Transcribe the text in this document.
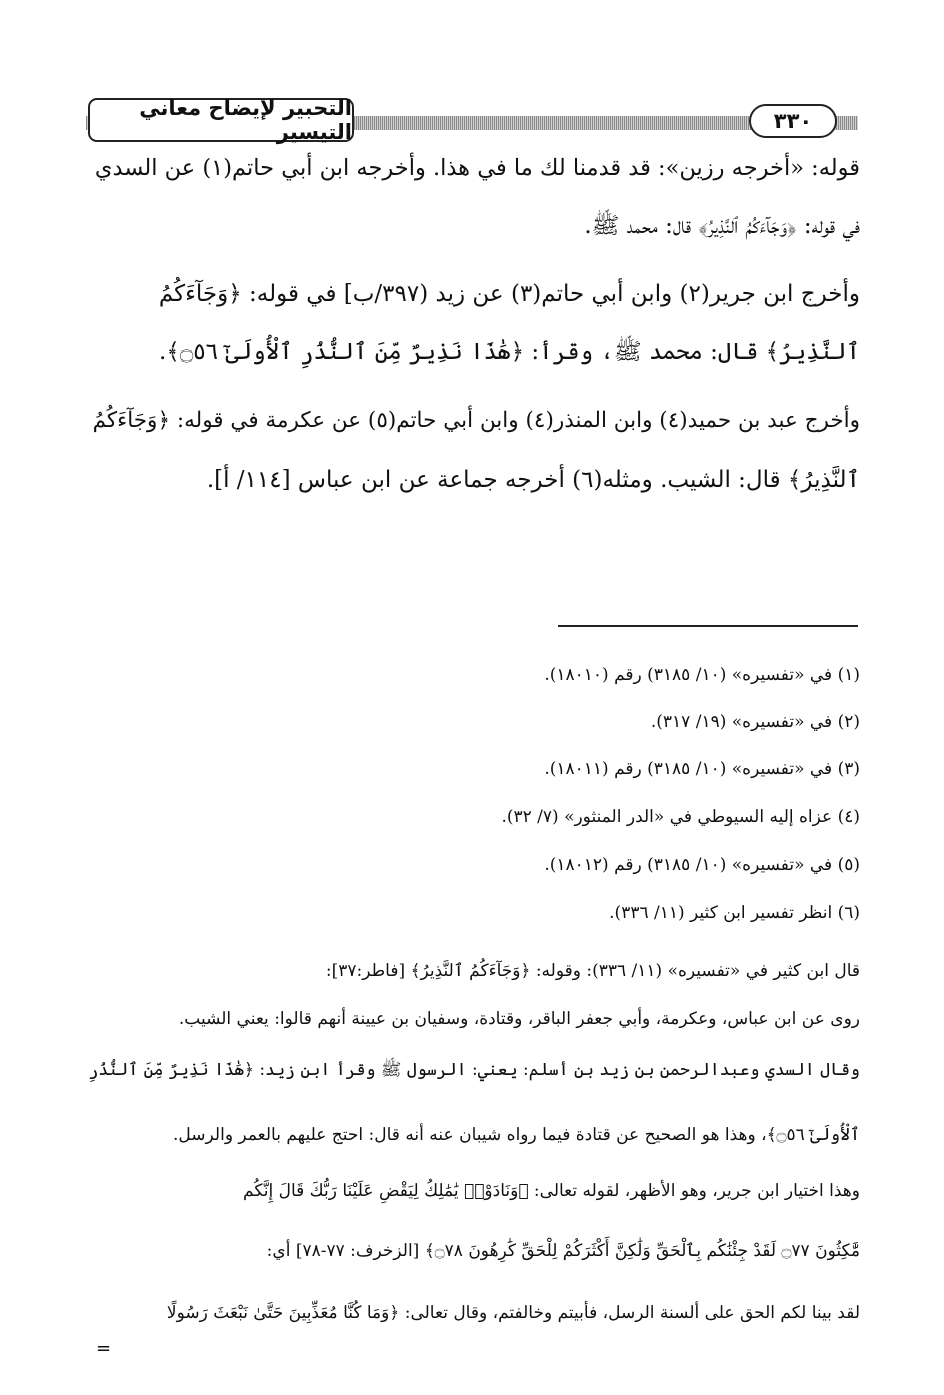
التحبير لإيضاح معاني التيسير	٣٣٠
قوله: «أخرجه رزين»: قد قدمنا لك ما في هذا. وأخرجه ابن أبي حاتم(١) عن السدي
في قوله: ﴿وَجَآءَكُمُ ٱلنَّذِيرُ﴾ قال: محمد ﷺ.
وأخرج ابن جرير(٢) وابن أبي حاتم(٣) عن زيد (٣٩٧/ب] في قوله: ﴿وَجَآءَكُمُ
ٱلنَّذِيرُ﴾ قال: محمد ﷺ، وقرأ: ﴿هَٰذَا نَذِيرٌ مِّنَ ٱلنُّذُرِ ٱلْأُولَىٰٓ ۝٥٦﴾.
وأخرج عبد بن حميد(٤) وابن المنذر(٤) وابن أبي حاتم(٥) عن عكرمة في قوله: ﴿وَجَآءَكُمُ
ٱلنَّذِيرُ﴾ قال: الشيب. ومثله(٦) أخرجه جماعة عن ابن عباس [١١٤/ أ].
(١) في «تفسيره» (١٠/ ٣١٨٥) رقم (١٨٠١٠).
(٢) في «تفسيره» (١٩/ ٣١٧).
(٣) في «تفسيره» (١٠/ ٣١٨٥) رقم (١٨٠١١).
(٤) عزاه إليه السيوطي في «الدر المنثور» (٧/ ٣٢).
(٥) في «تفسيره» (١٠/ ٣١٨٥) رقم (١٨٠١٢).
(٦) انظر تفسير ابن كثير (١١/ ٣٣٦).
قال ابن كثير في «تفسيره» (١١/ ٣٣٦): وقوله: ﴿وَجَآءَكُمُ ٱلنَّذِيرُ﴾ [فاطر:٣٧]:
روى عن ابن عباس، وعكرمة، وأبي جعفر الباقر، وقتادة، وسفيان بن عيينة أنهم قالوا: يعني الشيب.
وقال السدي وعبدالرحمن بن زيد بن أسلم: يعني: الرسول ﷺ وقرأ ابن زيد: ﴿هَٰذَا نَذِيرٌ مِّنَ ٱلنُّذُرِ
ٱلْأُولَىٰٓ ۝٥٦﴾، وهذا هو الصحيح عن قتادة فيما رواه شيبان عنه أنه قال: احتج عليهم بالعمر والرسل.
وهذا اختيار ابن جرير، وهو الأظهر، لقوله تعالى: ﴿وَنَادَوْا۟ يَٰمَٰلِكُ لِيَقْضِ عَلَيْنَا رَبُّكَ قَالَ إِنَّكُم
مَّٰكِثُونَ ۝٧٧ لَقَدْ جِئْنَٰكُم بِٱلْحَقِّ وَلَٰكِنَّ أَكْثَرَكُمْ لِلْحَقِّ كَٰرِهُونَ ۝٧٨﴾ [الزخرف: ٧٧-٧٨] أي:
لقد بينا لكم الحق على ألسنة الرسل، فأبيتم وخالفتم، وقال تعالى: ﴿وَمَا كُنَّا مُعَذِّبِينَ حَتَّىٰ نَبْعَثَ رَسُولًا
=
